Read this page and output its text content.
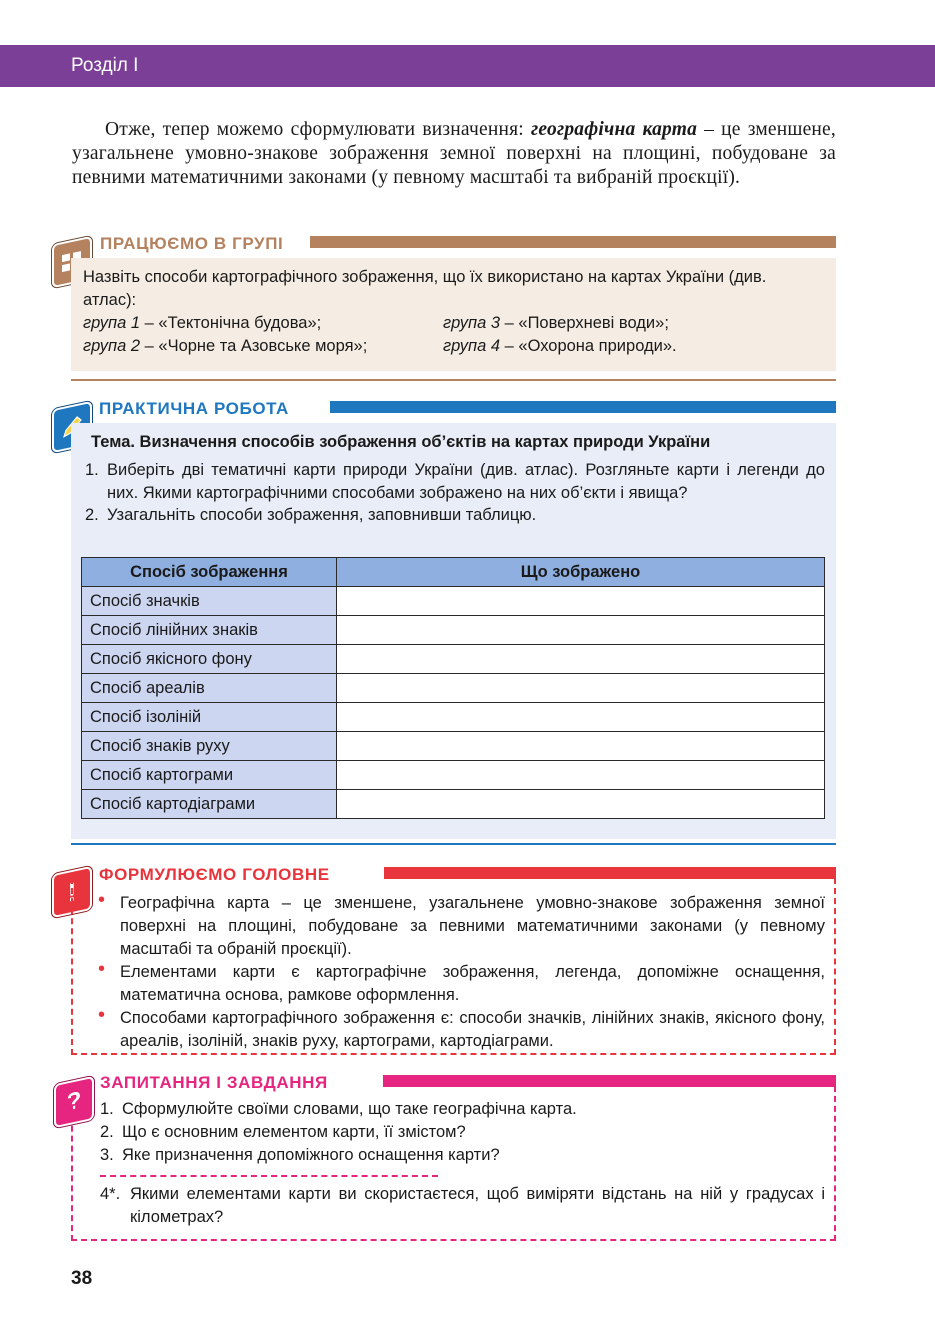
Розділ І
Отже, тепер можемо сформулювати визначення: географічна карта – це зменшене, узагальнене умовно-знакове зображення земної поверхні на площині, побудоване за певними математичними законами (у певному масштабі та вибраній проєкції).
ПРАЦЮЄМО В ГРУПІ
Назвіть способи картографічного зображення, що їх використано на картах України (див. атлас):
група 1 – «Тектонічна будова»;
група 2 – «Чорне та Азовське моря»;
група 3 – «Поверхневі води»;
група 4 – «Охорона природи».
ПРАКТИЧНА РОБОТА
Тема. Визначення способів зображення об’єктів на картах природи України
1. Виберіть дві тематичні карти природи України (див. атлас). Розгляньте карти і легенди до них. Якими картографічними способами зображено на них об’єкти і явища?
2. Узагальніть способи зображення, заповнивши таблицю.
Спосіб зображення	Що зображено
Спосіб значків	
Спосіб лінійних знаків	
Спосіб якісного фону	
Спосіб ареалів	
Спосіб ізоліній	
Спосіб знаків руху	
Спосіб картограми	
Спосіб картодіаграми	
!
ФОРМУЛЮЄМО ГОЛОВНЕ
• Географічна карта – це зменшене, узагальнене умовно-знакове зображення земної поверхні на площині, побудоване за певними математичними законами (у певному масштабі та обраній проєкції).
• Елементами карти є картографічне зображення, легенда, допоміжне оснащення, математична основа, рамкове оформлення.
• Способами картографічного зображення є: способи значків, лінійних знаків, якісного фону, ареалів, ізоліній, знаків руху, картограми, картодіаграми.
?
ЗАПИТАННЯ І ЗАВДАННЯ
1. Сформулюйте своїми словами, що таке географічна карта.
2. Що є основним елементом карти, її змістом?
3. Яке призначення допоміжного оснащення карти?
4*. Якими елементами карти ви скористаєтеся, щоб виміряти відстань на ній у градусах і кілометрах?
38
